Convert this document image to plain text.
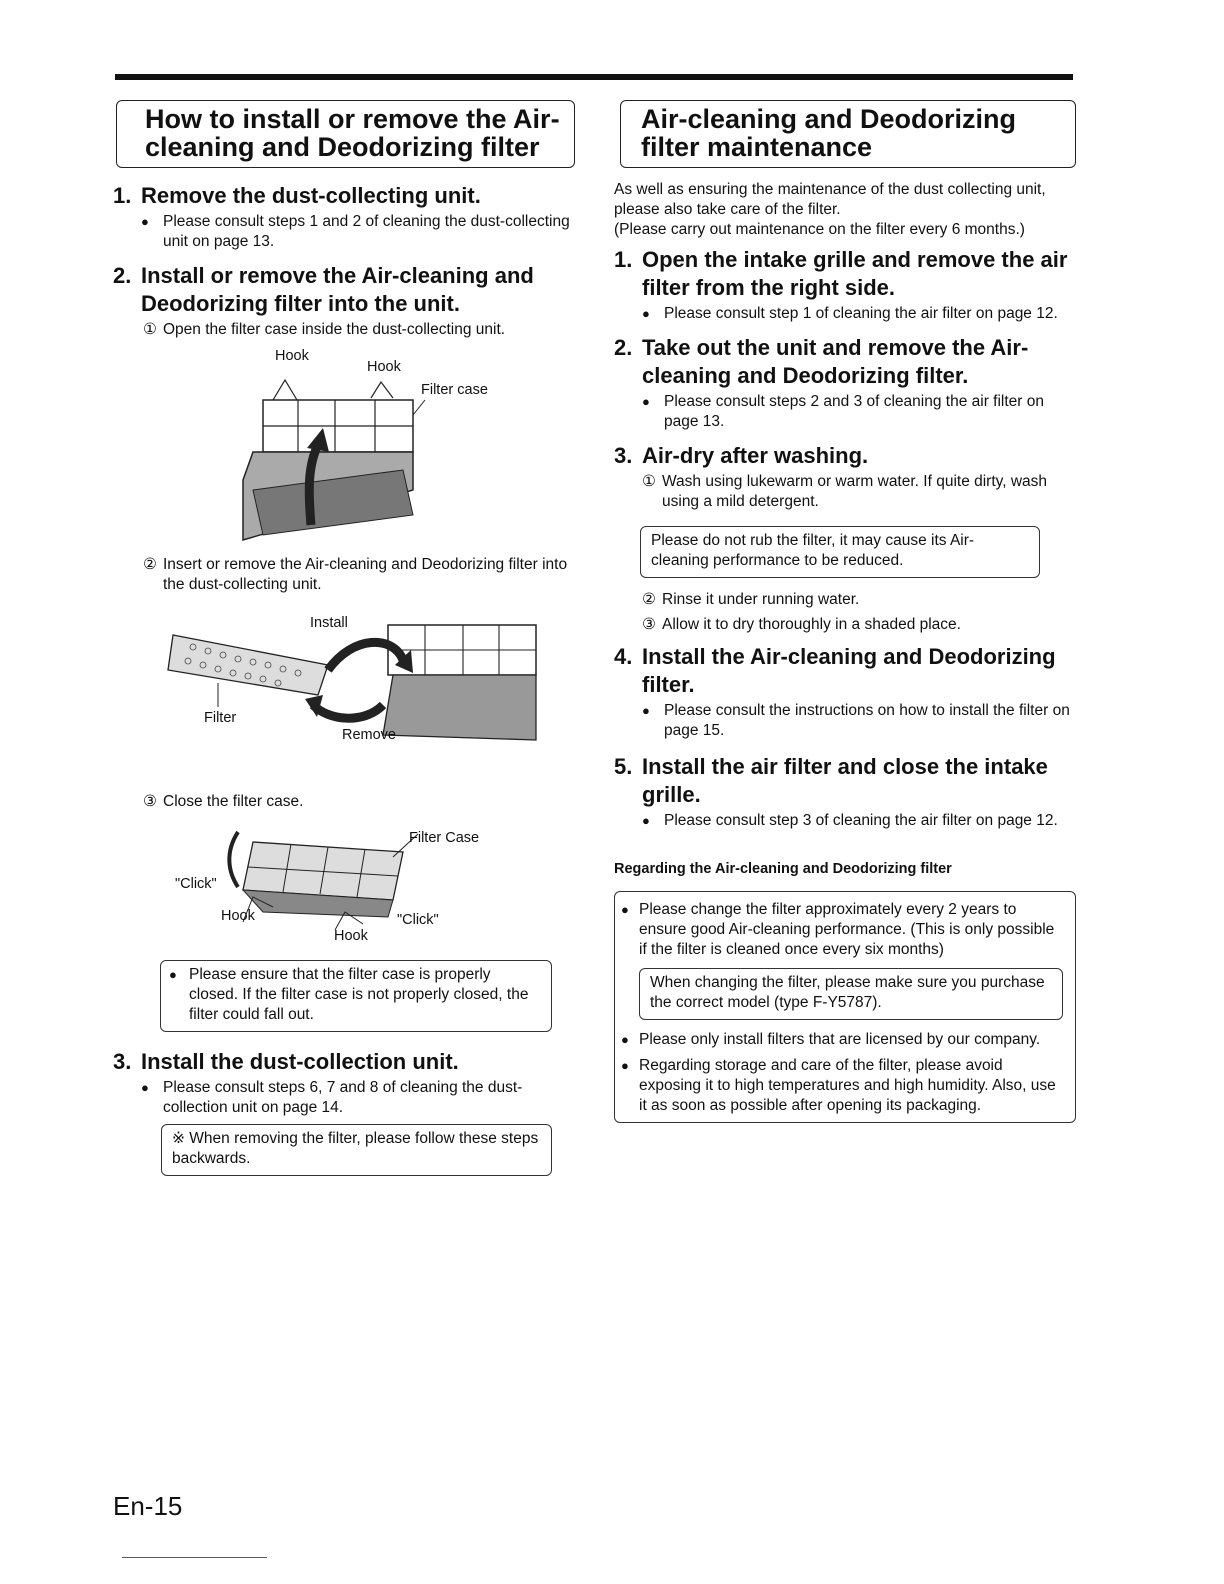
How to install or remove the Air-cleaning and Deodorizing filter
1. Remove the dust-collecting unit.
● Please consult steps 1 and 2 of cleaning the dust-collecting unit on page 13.
2. Install or remove the Air-cleaning and Deodorizing filter into the unit.
① Open the filter case inside the dust-collecting unit.
Hook
Hook
Filter case
② Insert or remove the Air-cleaning and Deodorizing filter into the dust-collecting unit.
Install
Filter
Remove
③ Close the filter case.
Filter Case
"Click"
Hook	"Click"
Hook
● Please ensure that the filter case is properly closed. If the filter case is not properly closed, the filter could fall out.
3. Install the dust-collection unit.
● Please consult steps 6, 7 and 8 of cleaning the dust-collection unit on page 14.
※ When removing the filter, please follow these steps backwards.
Air-cleaning and Deodorizing filter maintenance

As well as ensuring the maintenance of the dust collecting unit, please also take care of the filter.

(Please carry out maintenance on the filter every 6 months.)

1. Open the intake grille and remove the air filter from the right side.
● Please consult step 1 of cleaning the air filter on page 12.
2. Take out the unit and remove the Air-cleaning and Deodorizing filter.
● Please consult steps 2 and 3 of cleaning the air filter on page 13.
3. Air-dry after washing.
① Wash using lukewarm or warm water. If quite dirty, wash using a mild detergent.
Please do not rub the filter, it may cause its Air-cleaning performance to be reduced.
② Rinse it under running water.
③ Allow it to dry thoroughly in a shaded place.
4. Install the Air-cleaning and Deodorizing filter.
● Please consult the instructions on how to install the filter on page 15.
5. Install the air filter and close the intake grille.
● Please consult step 3 of cleaning the air filter on page 12.

Regarding the Air-cleaning and Deodorizing filter

● Please change the filter approximately every 2 years to ensure good Air-cleaning performance. (This is only possible if the filter is cleaned once every six months)
When changing the filter, please make sure you purchase the correct model (type F-Y5787).
● Please only install filters that are licensed by our company.
● Regarding storage and care of the filter, please avoid exposing it to high temperatures and high humidity. Also, use it as soon as possible after opening its packaging.
En-15
